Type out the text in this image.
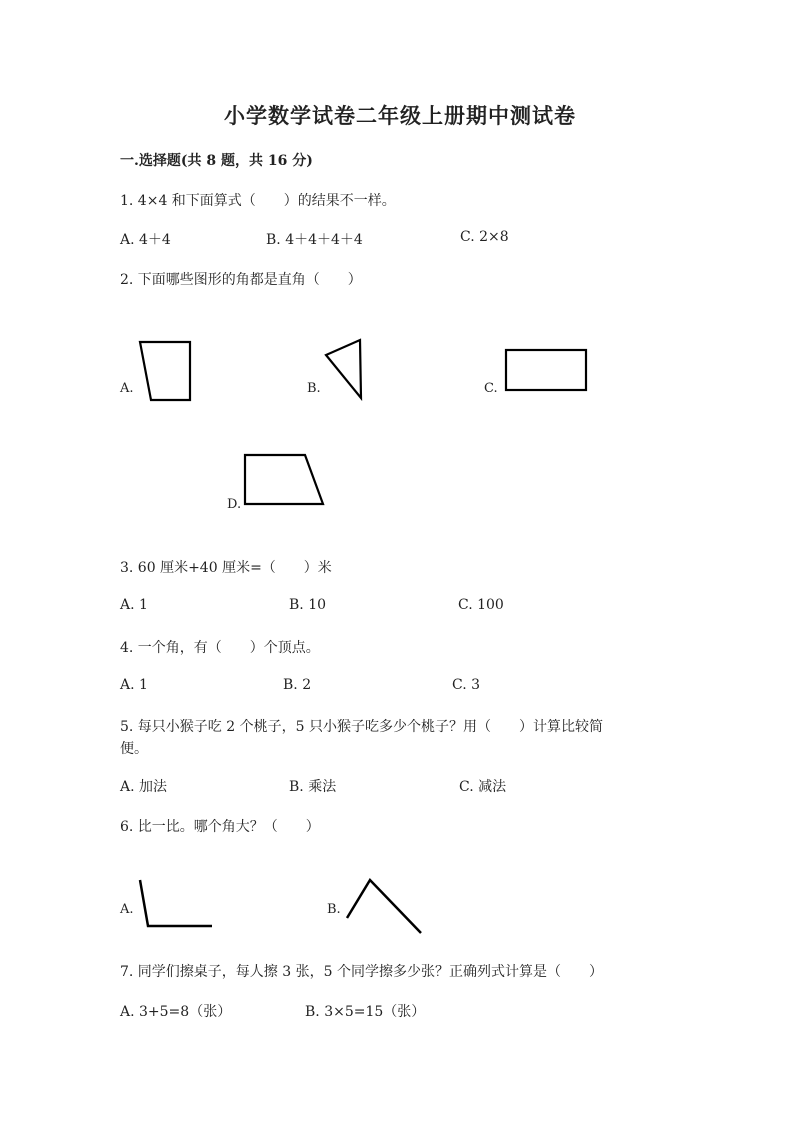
小学数学试卷二年级上册期中测试卷
一.选择题(共 8 题，共 16 分)
1. 4×4 和下面算式（　　）的结果不一样。
A. 4＋4	B. 4＋4＋4＋4	C. 2×8
2. 下面哪些图形的角都是直角（　　）
A.	B.	C.
D.
3. 60 厘米+40 厘米=（　　）米
A. 1	B. 10	C. 100
4. 一个角，有（　　）个顶点。
A. 1	B. 2	C. 3
5. 每只小猴子吃 2 个桃子，5 只小猴子吃多少个桃子？用（　　）计算比较简
便。
A. 加法	B. 乘法	C. 减法
6. 比一比。哪个角大？（　　）
A.	B.
7. 同学们擦桌子，每人擦 3 张，5 个同学擦多少张？正确列式计算是（　　）
A. 3+5=8（张）	B. 3×5=15（张）
